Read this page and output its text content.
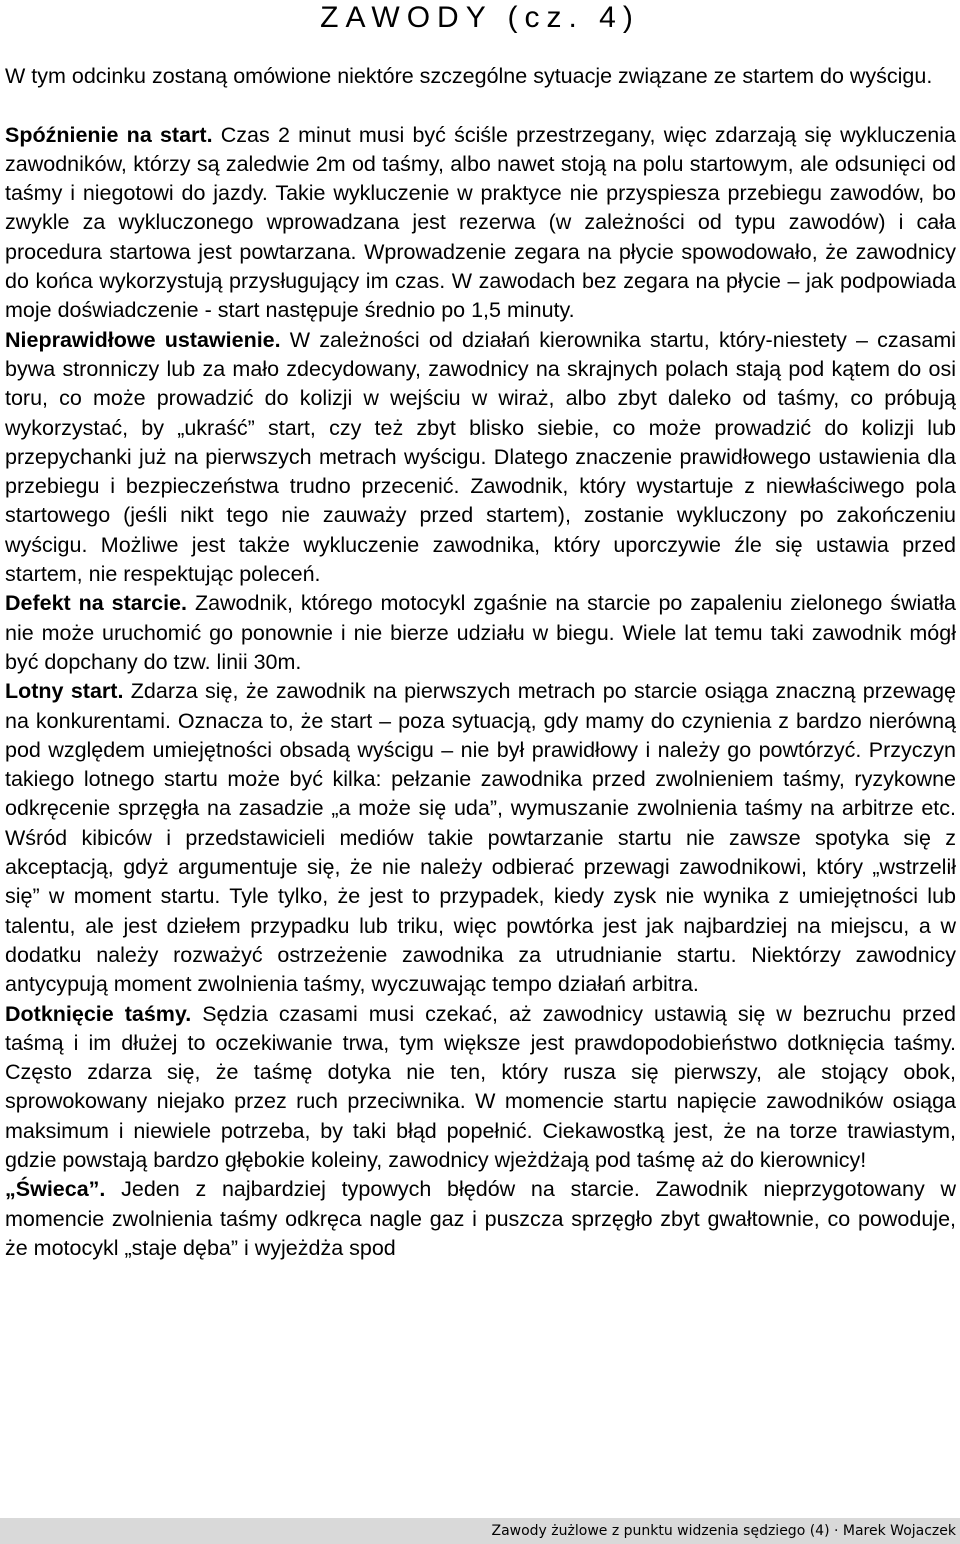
ZAWODY (cz. 4)

W tym odcinku zostaną omówione niektóre szczególne sytuacje związane ze startem do wyścigu.

Spóźnienie na start. Czas 2 minut musi być ściśle przestrzegany, więc zdarzają się wykluczenia zawodników, którzy są zaledwie 2m od taśmy, albo nawet stoją na polu startowym, ale odsunięci od taśmy i niegotowi do jazdy. Takie wykluczenie w praktyce nie przyspiesza przebiegu zawodów, bo zwykle za wykluczonego wprowadzana jest rezerwa (w zależności od typu zawodów) i cała procedura startowa jest powtarzana. Wprowadzenie zegara na płycie spowodowało, że zawodnicy do końca wykorzystują przysługujący im czas. W zawodach bez zegara na płycie – jak podpowiada moje doświadczenie - start następuje średnio po 1,5 minuty.

Nieprawidłowe ustawienie. W zależności od działań kierownika startu, który-niestety – czasami bywa stronniczy lub za mało zdecydowany, zawodnicy na skrajnych polach stają pod kątem do osi toru, co może prowadzić do kolizji w wejściu w wiraż, albo zbyt daleko od taśmy, co próbują wykorzystać, by „ukraść” start, czy też zbyt blisko siebie, co może prowadzić do kolizji lub przepychanki już na pierwszych metrach wyścigu. Dlatego znaczenie prawidłowego ustawienia dla przebiegu i bezpieczeństwa trudno przecenić. Zawodnik, który wystartuje z niewłaściwego pola startowego (jeśli nikt tego nie zauważy przed startem), zostanie wykluczony po zakończeniu wyścigu. Możliwe jest także wykluczenie zawodnika, który uporczywie źle się ustawia przed startem, nie respektując poleceń.

Defekt na starcie. Zawodnik, którego motocykl zgaśnie na starcie po zapaleniu zielonego światła nie może uruchomić go ponownie i nie bierze udziału w biegu. Wiele lat temu taki zawodnik mógł być dopchany do tzw. linii 30m.

Lotny start. Zdarza się, że zawodnik na pierwszych metrach po starcie osiąga znaczną przewagę na konkurentami. Oznacza to, że start – poza sytuacją, gdy mamy do czynienia z bardzo nierówną pod względem umiejętności obsadą wyścigu – nie był prawidłowy i należy go powtórzyć. Przyczyn takiego lotnego startu może być kilka: pełzanie zawodnika przed zwolnieniem taśmy, ryzykowne odkręcenie sprzęgła na zasadzie „a może się uda”, wymuszanie zwolnienia taśmy na arbitrze etc. Wśród kibiców i przedstawicieli mediów takie powtarzanie startu nie zawsze spotyka się z akceptacją, gdyż argumentuje się, że nie należy odbierać przewagi zawodnikowi, który „wstrzelił się” w moment startu. Tyle tylko, że jest to przypadek, kiedy zysk nie wynika z umiejętności lub talentu, ale jest dziełem przypadku lub triku, więc powtórka jest jak najbardziej na miejscu, a w dodatku należy rozważyć ostrzeżenie zawodnika za utrudnianie startu. Niektórzy zawodnicy antycypują moment zwolnienia taśmy, wyczuwając tempo działań arbitra.

Dotknięcie taśmy. Sędzia czasami musi czekać, aż zawodnicy ustawią się w bezruchu przed taśmą i im dłużej to oczekiwanie trwa, tym większe jest prawdopodobieństwo dotknięcia taśmy. Często zdarza się, że taśmę dotyka nie ten, który rusza się pierwszy, ale stojący obok, sprowokowany niejako przez ruch przeciwnika. W momencie startu napięcie zawodników osiąga maksimum i niewiele potrzeba, by taki błąd popełnić. Ciekawostką jest, że na torze trawiastym, gdzie powstają bardzo głębokie koleiny, zawodnicy wjeżdżają pod taśmę aż do kierownicy!

„Świeca”. Jeden z najbardziej typowych błędów na starcie. Zawodnik nieprzygotowany w momencie zwolnienia taśmy odkręca nagle gaz i puszcza sprzęgło zbyt gwałtownie, co powoduje, że motocykl „staje dęba” i wyjeżdża spod

Zawody żużlowe z punktu widzenia sędziego (4) · Marek Wojaczek
